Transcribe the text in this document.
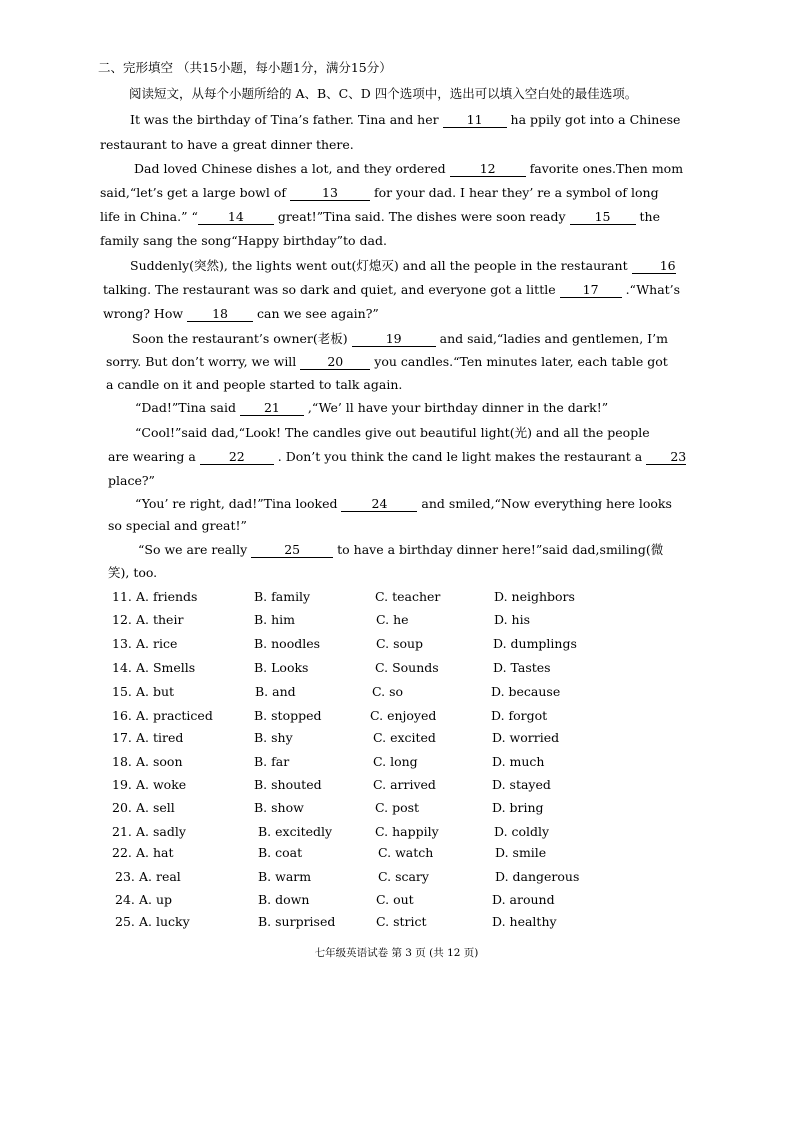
二、完形填空 （共15小题，每小题1分，满分15分）
阅读短文，从每个小题所给的 A、B、C、D 四个选项中，选出可以填入空白处的最佳选项。
It was the birthday of Tina’s father. Tina and her 11 ha ppily got into a Chinese
restaurant to have a great dinner there.
Dad loved Chinese dishes a lot, and they ordered 12 favorite ones.Then mom
said,“let’s get a large bowl of	13	for your dad. I hear they’ re a symbol of long
life in China.” “ 14 great!”Tina said. The dishes were soon ready 15 the
family sang the song“Happy birthday”to dad.
Suddenly(突然), the lights went out(灯熄灭) and all the people in the restaurant 16
talking. The restaurant was so dark and quiet, and everyone got a little 17 .“What’s
wrong? How 18 can we see again?”
Soon the restaurant’s owner(老板)	19	and said,“ladies and gentlemen, I’m
sorry. But don’t worry, we will 20 you candles.“Ten minutes later, each table got
a candle on it and people started to talk again.
“Dad!”Tina said 21 ,“We’ ll have your birthday dinner in the dark!”
“Cool!”said dad,“Look! The candles give out beautiful light(光) and all the people
are wearing a 22 . Don’t you think the cand le light makes the restaurant a 23
place?”
“You’ re right, dad!”Tina looked 24 and smiled,“Now everything here looks
so special and great!”
“So we are really	25	to have a birthday dinner here!”said dad,smiling(微
笑), too.
11. A. friends	B. family	C. teacher	D. neighbors
12. A. their	B. him	C. he	D. his
13. A. rice	B. noodles	C. soup	D. dumplings
14. A. Smells	B. Looks	C. Sounds	D. Tastes
15. A. but	B. and	C. so	D. because
16. A. practiced	B. stopped	C. enjoyed	D. forgot
17. A. tired	B. shy	C. excited	D. worried
18. A. soon	B. far	C. long	D. much
19. A. woke	B. shouted	C. arrived	D. stayed
20. A. sell	B. show	C. post	D. bring
21. A. sadly	B. excitedly	C. happily	D. coldly
22. A. hat	B. coat	C. watch	D. smile
23. A. real	B. warm	C. scary	D. dangerous
24. A. up	B. down	C. out	D. around
25. A. lucky	B. surprised	C. strict	D. healthy
七年级英语试卷 第 3 页 (共 12 页)
